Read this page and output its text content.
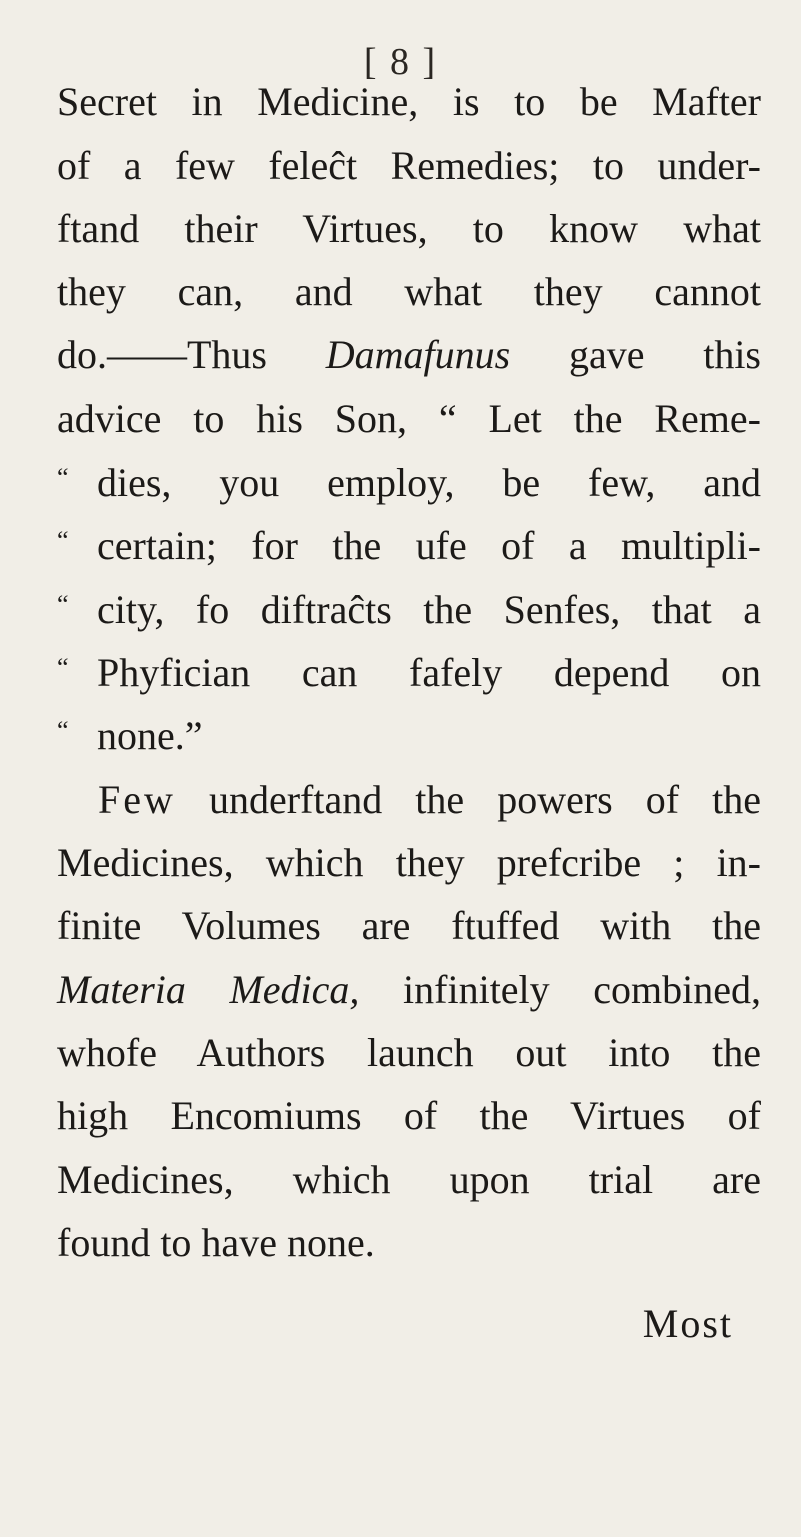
[ 8 ]
Secret in Medicine, is to be Mafter
of a few feleĉt Remedies; to under-
ftand their Virtues, to know what
they can, and what they cannot
do.——Thus Damafunus gave this
advice to his Son, “ Let the Reme-
“ dies, you employ, be few, and
“ certain; for the ufe of a multipli-
“ city, fo diftraĉts the Senfes, that a
“ Phyfician can fafely depend on
“ none.”
Few underftand the powers of the
Medicines, which they prefcribe ; in-
finite Volumes are ftuffed with the
Materia Medica, infinitely combined,
whofe Authors launch out into the
high Encomiums of the Virtues of
Medicines, which upon trial are
found to have none.
Most
